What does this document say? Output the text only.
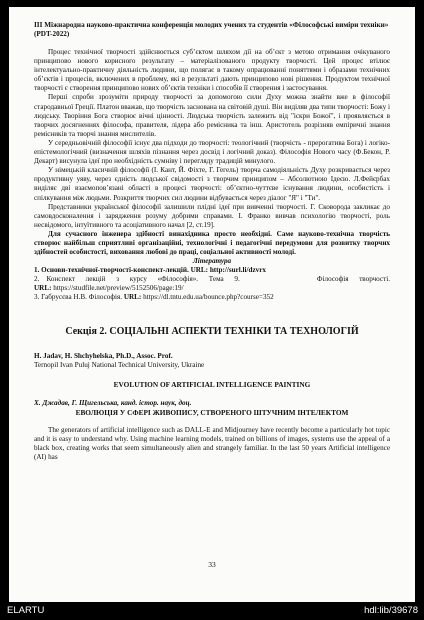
ІІІ Міжнародна науково-практична конференція молодих учених та студентів «Філософські виміри техніки» (PDT-2022)

Процес технічної творчості здійснюється суб’єктом шляхом дії на об’єкт з метою отримання очікуваного принципово нового корисного результату – матеріалізованого продукту творчості. Цей процес втілює інтелектуально-практичну діяльність людини, що полягає в такому опрацюванні поняттями і образами технічних об’єктів і процесів, включених в проблему, які в результаті дають принципово нові рішення. Продуктом технічної творчості є створення принципово нових об’єктів техніки і способів її створення і застосування.

Перші спроби зрозуміти природу творчості за допомогою сили Духу можна знайти вже в філософії стародавньої Греції. Платон вважав, що творчість заснована на світовій душі. Він виділяв два типи творчості: Божу і людську. Творіння Бога створює вічні цінності. Людська творчість залежить від "іскри Божої", і проявляється в творчих досягненнях філософа, правителя, лідера або ремісника та інш. Аристотель розрізняв емпіричні знання ремісників та творчі знання мислителів.

У середньовічній філософії існує два підходи до творчості: теологічний (творчість - прерогатива Бога) і логіко-епістемологічний (визначення шляхів пізнання через досвід і логічний доказ). Філософія Нового часу (Ф.Бекон, Р. Декарт) висунула ідеї про необхідність сумніву і перегляду традицій минулого.

У німецькій класичній філософії (І. Кант, Й. Фіхте, Г. Гегель) творча самодіяльність Духу розкривається через продуктивну уяву, через єдність людської свідомості з творчим принципом – Абсолютною Ідеєю. Л.Фейєрбах виділяє дві взаємопов’язані області в процесі творчості: об’єктно-чуттєве існування людини, особистість і спілкування між людьми. Розкриття творчих сил людини відбувається через діалог "Я" і "Ти".

Представники української філософії залишили плідні ідеї при вивченні творчості. Г. Сковорода закликає до самовдосконалення і зарядження розуму добрими справами. І. Франко вивчав психологію творчості, роль несвідомого, інтуїтивного та асоціативного начал [2, ст.19].

Для сучасного інженера здібності винахідника просто необхідні. Саме науково-технічна творчість створює найбільш сприятливі організаційні, технологічні і педагогічні передумови для розвитку творчих здібностей особистості, виховання любові до праці, соціальної активності молоді.

Література
1. Основи-технічної-творчості-конспект-лекцій. URL: http://surl.li/dzvrx
2.    Конспект      лекцій      з      курсу      «Філософія».      Тема      9.	Філософія      творчості.
URL: https://studfile.net/preview/5152506/page:19/
3. Габрусєва Н.В. Філософія. URL: https://dl.tntu.edu.ua/bounce.php?course=352
Секція 2. СОЦІАЛЬНІ АСПЕКТИ ТЕХНІКИ ТА ТЕХНОЛОГІЙ
H. Jadav, H. Shchyhelska, Ph.D., Assoc. Prof.
Ternopil Ivan Puluj National Technical University, Ukraine
EVOLUTION OF ARTIFICIAL INTELLIGENCE PAINTING
Х. Джадав, Г. Щигельська, канд. істор. наук, доц.
ЕВОЛЮЦІЯ У СФЕРІ ЖИВОПИСУ, СТВОРЕНОГО ШТУЧНИМ ІНТЕЛЕКТОМ

The generators of artificial intelligence such as DALL-E and Midjourney have recently become a particularly hot topic and it is easy to understand why. Using machine learning models, trained on billions of images, systems use the appeal of a black box, creating works that seem simultaneously alien and strangely familiar. In the last 50 years Artificial intelligence (AI) has

33
ELARTU	hdl:lib/39678
